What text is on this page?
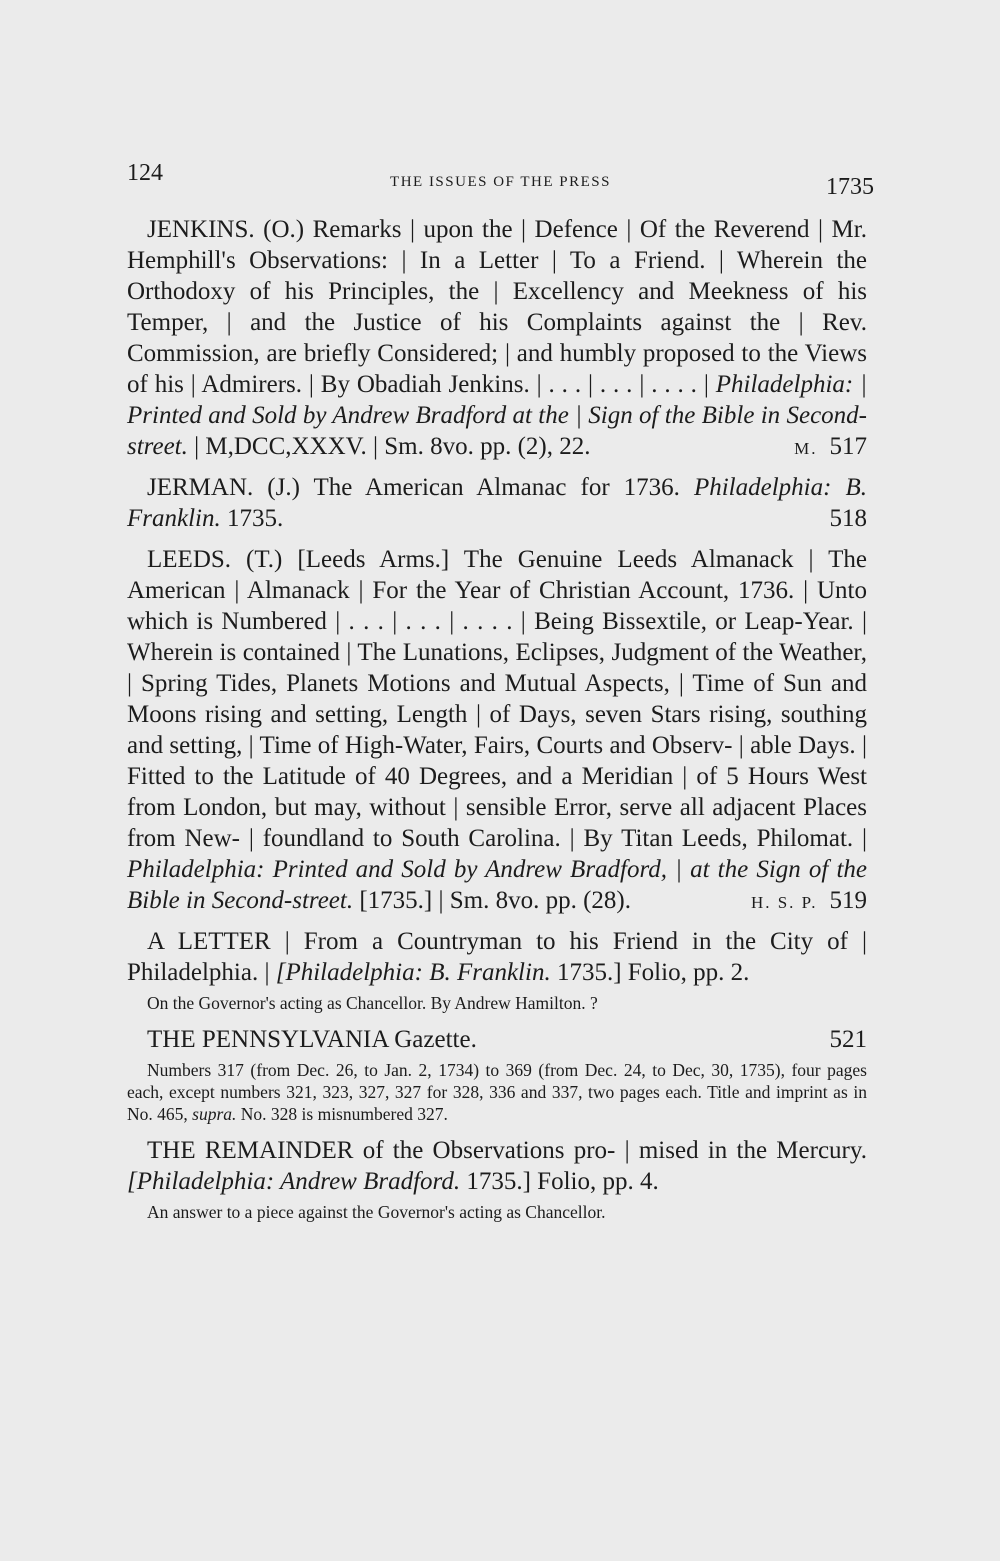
124	THE ISSUES OF THE PRESS	1735

JENKINS. (O.) Remarks | upon the | Defence | Of the Reverend | Mr. Hemphill's Observations: | In a Letter | To a Friend. | Wherein the Orthodoxy of his Principles, the | Excellency and Meekness of his Temper, | and the Justice of his Complaints against the | Rev. Commission, are briefly Considered; | and humbly proposed to the Views of his | Admirers. | By Obadiah Jenkins. | . . . | . . . | . . . . | Philadelphia: | Printed and Sold by Andrew Bradford at the | Sign of the Bible in Second-street. | M,DCC,XXXV. | Sm. 8vo. pp. (2), 22.	M. 517

JERMAN. (J.) The American Almanac for 1736. Philadelphia: B. Franklin. 1735.	518

LEEDS. (T.) [Leeds Arms.] The Genuine Leeds Almanack | The American | Almanack | For the Year of Christian Account, 1736. | Unto which is Numbered | . . . | . . . | . . . . | Being Bissextile, or Leap-Year. | Wherein is contained | The Lunations, Eclipses, Judgment of the Weather, | Spring Tides, Planets Motions and Mutual Aspects, | Time of Sun and Moons rising and setting, Length | of Days, seven Stars rising, southing and setting, | Time of High-Water, Fairs, Courts and Observ- | able Days. | Fitted to the Latitude of 40 Degrees, and a Meridian | of 5 Hours West from London, but may, without | sensible Error, serve all adjacent Places from New- | foundland to South Carolina. | By Titan Leeds, Philomat. | Philadelphia: Printed and Sold by Andrew Bradford, | at the Sign of the Bible in Second-street. [1735.] | Sm. 8vo. pp. (28).	H. S. P. 519

A LETTER | From a Countryman to his Friend in the City of | Philadelphia. | [Philadelphia: B. Franklin. 1735.] Folio, pp. 2.

On the Governor's acting as Chancellor. By Andrew Hamilton. ?

THE PENNSYLVANIA Gazette.	521

Numbers 317 (from Dec. 26, to Jan. 2, 1734) to 369 (from Dec. 24, to Dec, 30, 1735), four pages each, except numbers 321, 323, 327, 327 for 328, 336 and 337, two pages each. Title and imprint as in No. 465, supra. No. 328 is misnumbered 327.

THE REMAINDER of the Observations pro- | mised in the Mercury. [Philadelphia: Andrew Bradford. 1735.] Folio, pp. 4.

An answer to a piece against the Governor's acting as Chancellor.
